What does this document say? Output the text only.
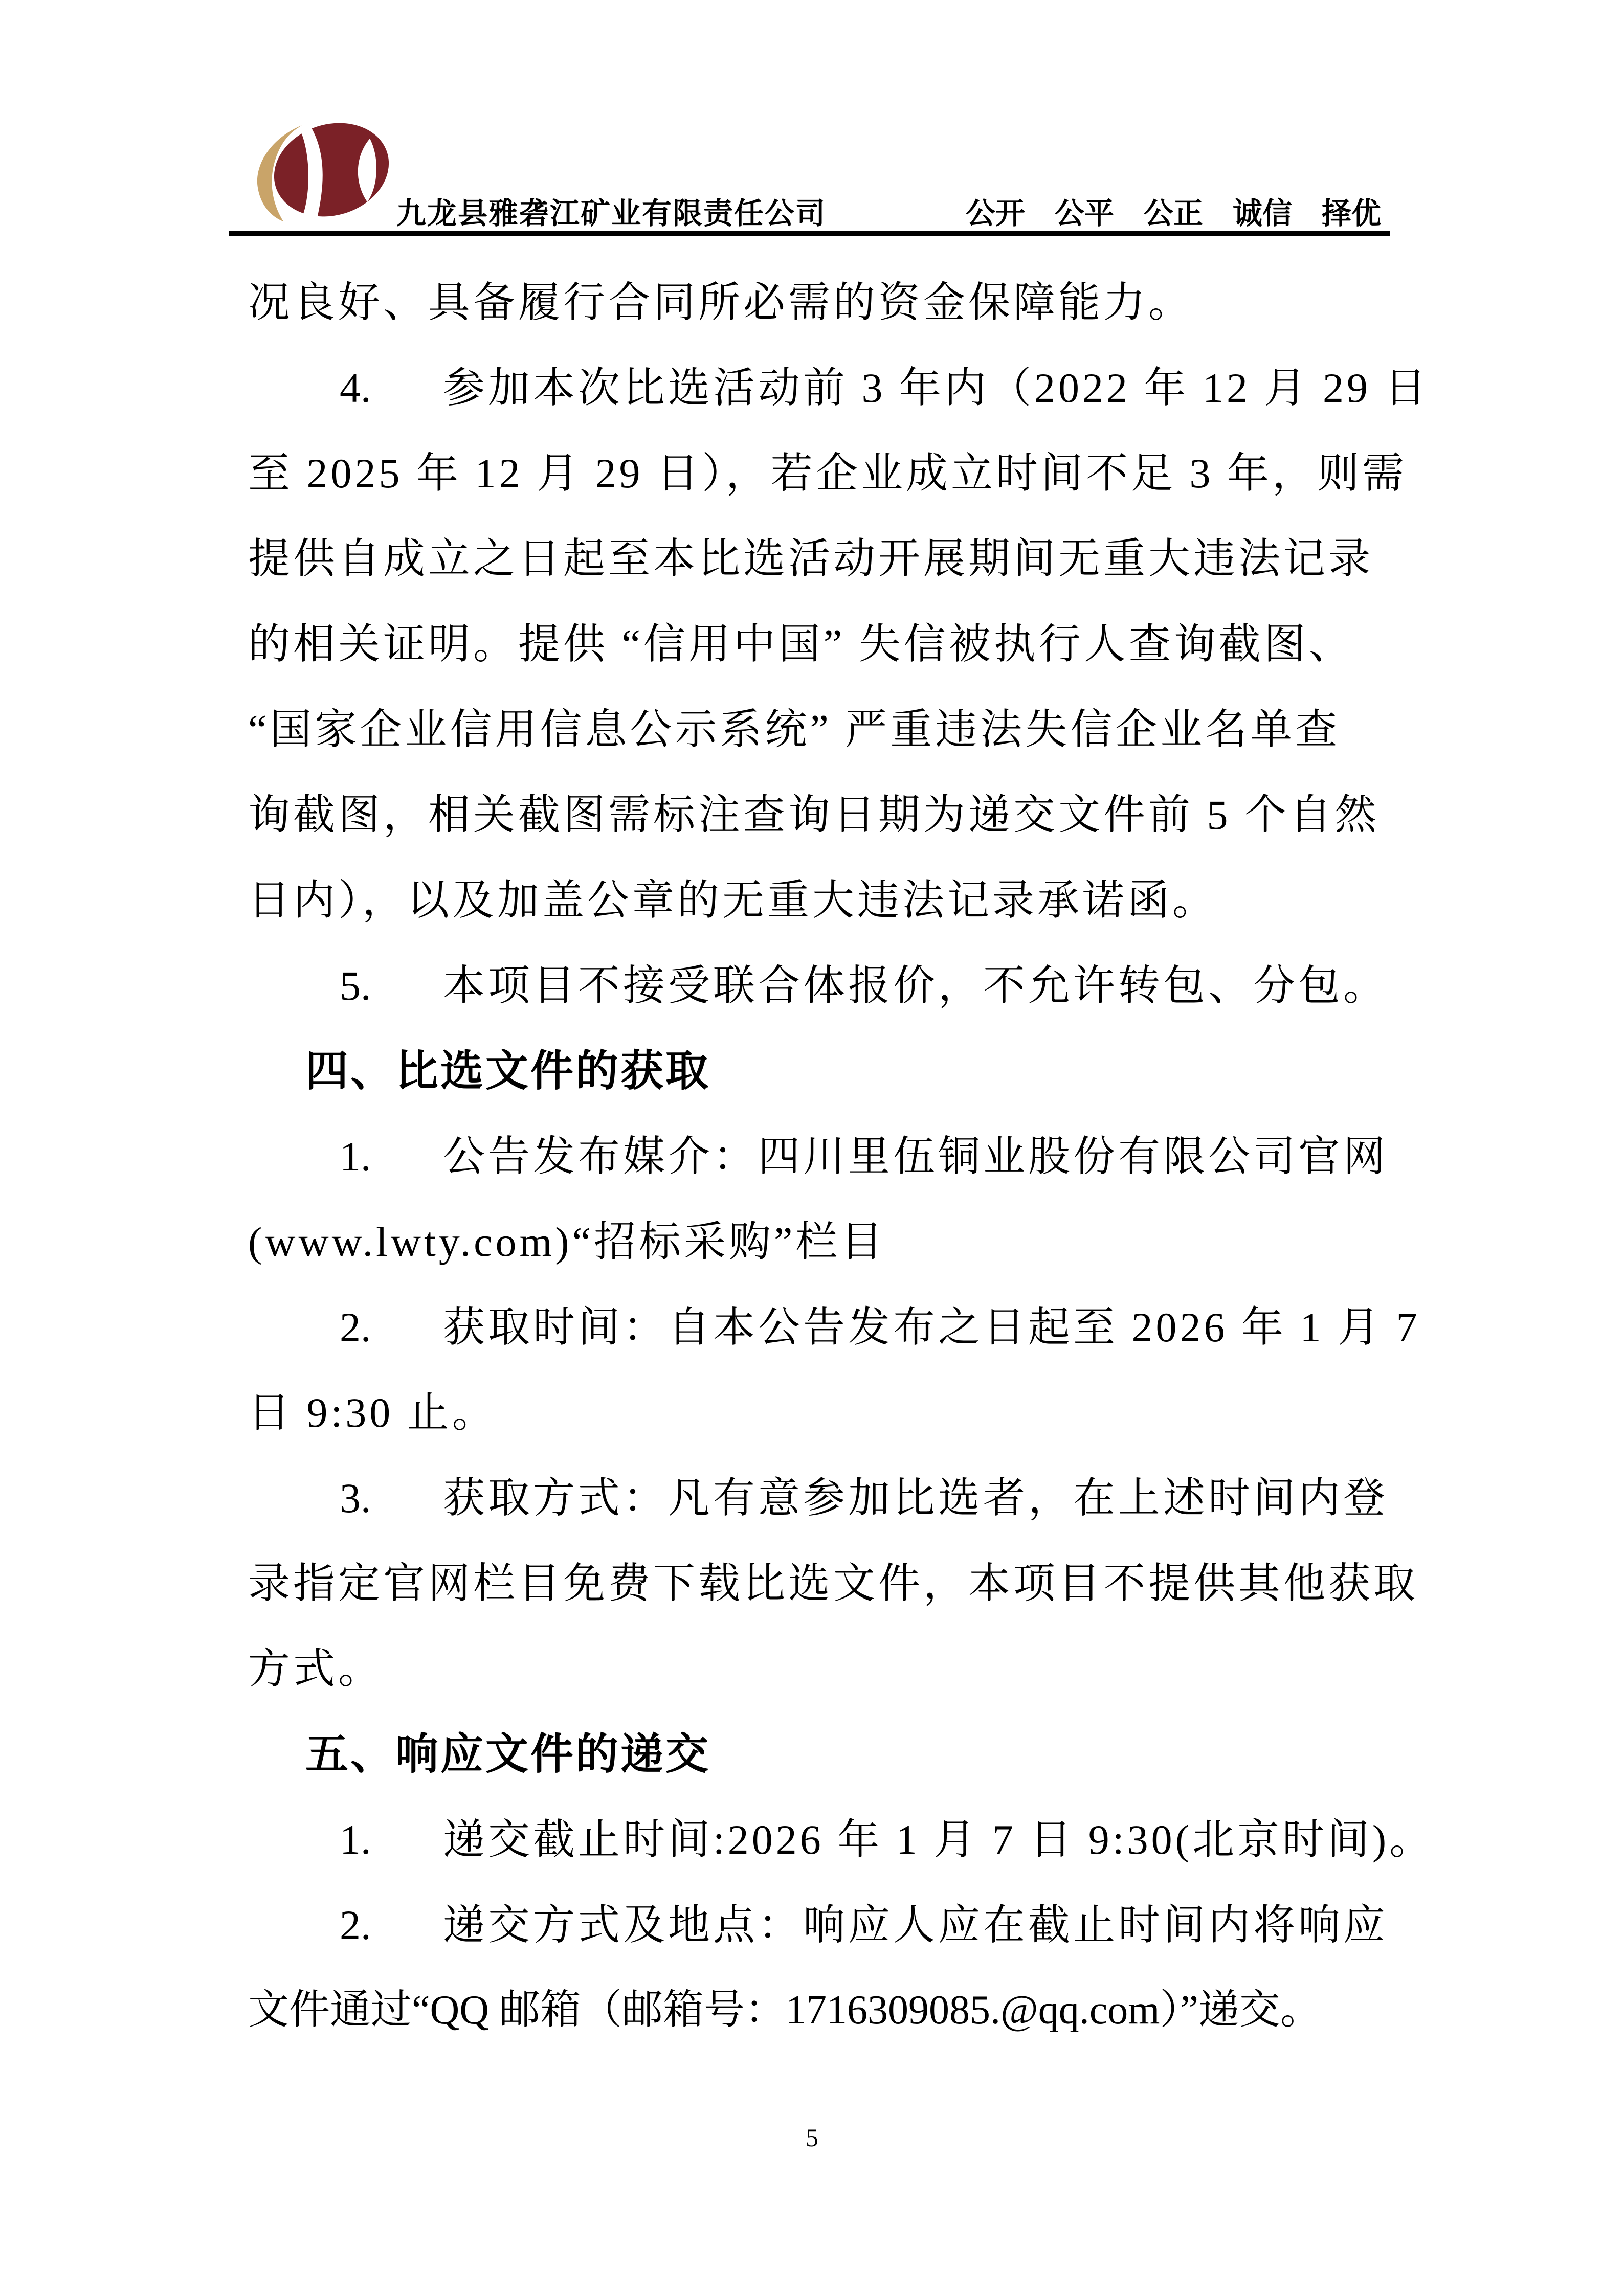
九龙县雅砻江矿业有限责任公司	公开　公平　公正　诚信　择优
况良好、具备履行合同所必需的资金保障能力。
4. 参加本次比选活动前 3 年内（2022 年 12 月 29 日
至 2025 年 12 月 29 日），若企业成立时间不足 3 年，则需
提供自成立之日起至本比选活动开展期间无重大违法记录
的相关证明。提供 “信用中国” 失信被执行人查询截图、
“国家企业信用信息公示系统” 严重违法失信企业名单查
询截图，相关截图需标注查询日期为递交文件前 5 个自然
日内），以及加盖公章的无重大违法记录承诺函。
5. 本项目不接受联合体报价，不允许转包、分包。
四、比选文件的获取
1. 公告发布媒介：四川里伍铜业股份有限公司官网
(www.lwty.com)“招标采购”栏目
2. 获取时间：自本公告发布之日起至 2026 年 1 月 7
日 9:30 止。
3. 获取方式：凡有意参加比选者，在上述时间内登
录指定官网栏目免费下载比选文件，本项目不提供其他获取
方式。
五、响应文件的递交
1. 递交截止时间:2026 年 1 月 7 日 9:30(北京时间)。
2. 递交方式及地点：响应人应在截止时间内将响应
文件通过“QQ 邮箱（邮箱号：1716309085.@qq.com）”递交。
5
